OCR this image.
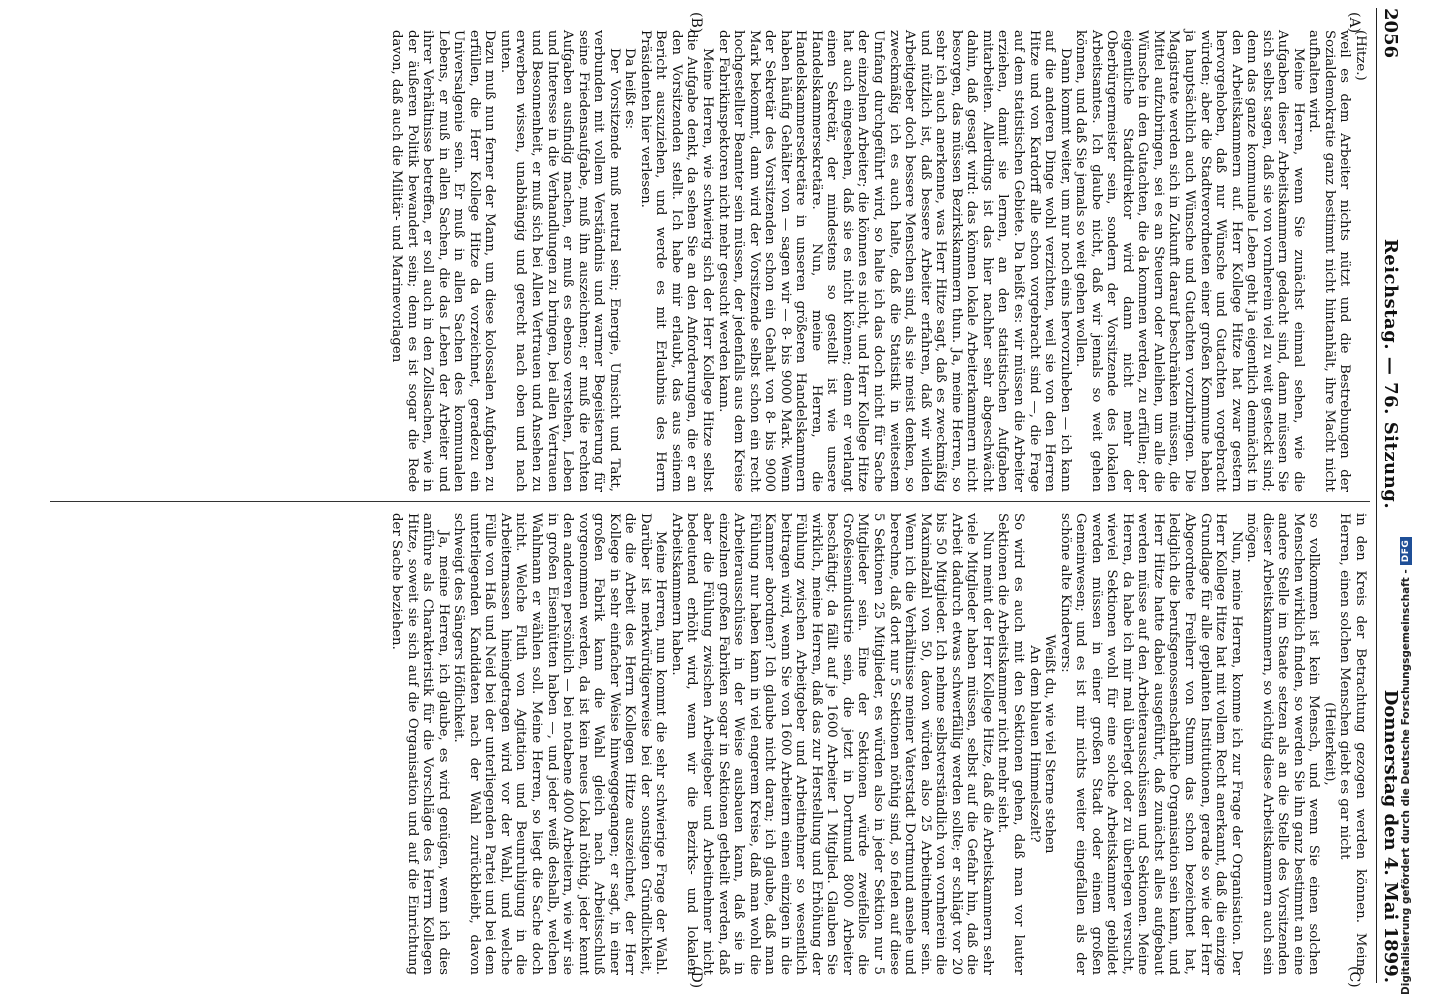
2056
Reichstag. — 76. Sitzung.
Donnerstag den 4. Mai 1899.
(A)
(B)
(C)
(D)

(Hitze.)

weil es dem Arbeiter nichts nützt und die Bestrebungen der Sozialdemokratie ganz bestimmt nicht hintanhält, ihre Macht nicht aufhalten wird.

Meine Herren, wenn Sie zunächst einmal sehen, wie die Aufgaben dieser Arbeitskammern gedacht sind, dann müssen Sie sich selbst sagen, daß sie von vornherein viel zu weit gesteckt sind; denn das ganze kommunale Leben geht ja eigentlich demnächst in den Arbeitskammern auf. Herr Kollege Hitze hat zwar gestern hervorgehoben, daß nur Wünsche und Gutachten vorgebracht würden; aber die Stadtverordneten einer großen Kommune haben ja hauptsächlich auch Wünsche und Gutachten vorzubringen. Die Magistrate werden sich in Zukunft darauf beschränken müssen, die Mittel aufzubringen, sei es an Steuern oder Anleihen, um alle die Wünsche in den Gutachten, die da kommen werden, zu erfüllen; der eigentliche Stadtdirektor wird dann nicht mehr der Oberbürgermeister sein, sondern der Vorsitzende des lokalen Arbeitsamtes. Ich glaube nicht, daß wir jemals so weit gehen können, und daß Sie jemals so weit gehen wollen.

Dann kommt weiter, um nur noch eins hervorzuheben — ich kann auf die anderen Dinge wohl verzichten, weil sie von den Herren Hitze und von Kardorff alle schon vorgebracht sind —, die Frage auf dem statistischen Gebiete. Da heißt es: wir müssen die Arbeiter erziehen, damit sie lernen, an den statistischen Aufgaben mitarbeiten. Allerdings ist das hier nachher sehr abgeschwächt dahin, daß gesagt wird: das können lokale Arbeiterkammern nicht besorgen, das müssen Bezirkskammern thun. Ja, meine Herren, so sehr ich auch anerkenne, was Herr Hitze sagt, daß es zweckmäßig und nützlich ist, daß bessere Arbeiter erfahren, daß wir wilden Arbeitgeber doch bessere Menschen sind, als sie meist denken, so zweckmäßig ich es auch halte, daß die Statistik in weitestem Umfang durchgeführt wird, so halte ich das doch nicht für Sache der einzelnen Arbeiter; die können es nicht, und Herr Kollege Hitze hat auch eingesehen, daß sie es nicht können; denn er verlangt einen Sekretär, der mindestens so gestellt ist wie unsere Handelskammersekretäre. Nun, meine Herren, die Handelskammersekretäre in unseren größeren Handelskammern haben häufig Gehälter von — sagen wir — 8- bis 9000 Mark. Wenn der Sekretär des Vorsitzenden schon ein Gehalt von 8- bis 9000 Mark bekommt, dann wird der Vorsitzende selbst schon ein recht hochgestellter Beamter sein müssen, der jedenfalls aus dem Kreise der Fabrikinspektoren nicht mehr gesucht werden kann.

Meine Herren, wie schwierig sich der Herr Kollege Hitze selbst die Aufgabe denkt, da sehen Sie an den Anforderungen, die er an den Vorsitzenden stellt. Ich habe mir erlaubt, das aus seinem Bericht auszuziehen, und werde es mit Erlaubnis des Herrn Präsidenten hier verlesen.

Da heißt es:

Der Vorsitzende muß neutral sein; Energie, Umsicht und Takt, verbunden mit vollem Verständnis und warmer Begeisterung für seine Friedensaufgabe, muß ihn auszeichnen; er muß die rechten Aufgaben ausfindig machen, er muß es ebenso verstehen, Leben und Interesse in die Verhandlungen zu bringen, bei allen Vertrauen und Besonnenheit, er muß sich bei Allen Vertrauen und Ansehen zu erwerben wissen, unabhängig und gerecht nach oben und nach unten.

Dazu muß nun ferner der Mann, um diese kolossalen Aufgaben zu erfüllen, die Herr Kollege Hitze da vorzeichnet, geradezu ein Universalgenie sein. Er muß in allen Sachen des kommunalen Lebens, er muß in allen Sachen, die das Leben der Arbeiter und ihrer Verhältnisse betreffen, er soll auch in den Zollsachen, wie in der äußeren Politik bewandert sein; denn es ist sogar die Rede davon, daß auch die Militär- und Marinevorlagen

in den Kreis der Betrachtung gezogen werden können. Meine Herren, einen solchen Menschen giebt es gar nicht

(Heiterkeit),

so vollkommen ist kein Mensch, und wenn Sie einen solchen Menschen wirklich finden, so werden Sie ihn ganz bestimmt an eine andere Stelle im Staate setzen als an die Stelle des Vorsitzenden dieser Arbeitskammern, so wichtig diese Arbeitskammern auch sein mögen.

Nun, meine Herren, komme ich zur Frage der Organisation. Der Herr Kollege Hitze hat mit vollem Recht anerkannt, daß die einzige Grundlage für alle geplanten Institutionen, gerade so wie der Herr Abgeordnete Freiherr von Stumm das schon bezeichnet hat, lediglich die berufsgenossenschaftliche Organisation sein kann, und Herr Hitze hatte dabei ausgeführt, daß zunächst alles aufgebaut werden müsse auf den Arbeiterausschüssen und Sektionen. Meine Herren, da habe ich mir mal überlegt oder zu überlegen versucht, wieviel Sektionen wohl für eine solche Arbeitskammer gebildet werden müssen in einer großen Stadt oder einem großen Gemeinwesen; und es ist mir nichts weiter eingefallen als der schöne alte Kindervers:

Weißt du, wie viel Sterne stehen

An dem blauen Himmelszelt?

So wird es auch mit den Sektionen gehen, daß man vor lauter Sektionen die Arbeitskammer nicht mehr sieht.

Nun meint der Herr Kollege Hitze, daß die Arbeitskammern sehr viele Mitglieder haben müssen, selbst auf die Gefahr hin, daß die Arbeit dadurch etwas schwerfällig werden sollte; er schlägt vor 20 bis 50 Mitglieder. Ich nehme selbstverständlich von vornherein die Maximalzahl von 50, davon würden also 25 Arbeitnehmer sein. Wenn ich die Verhältnisse meiner Vaterstadt Dortmund ansehe und berechne, daß dort nur 5 Sektionen nöthig sind, so fielen auf diese 5 Sektionen 25 Mitglieder, es würden also in jeder Sektion nur 5 Mitglieder sein. Eine der Sektionen würde zweifellos die Großeisenindustrie sein, die jetzt in Dortmund 8000 Arbeiter beschäftigt; da fällt auf je 1600 Arbeiter 1 Mitglied. Glauben Sie wirklich, meine Herren, daß das zur Herstellung und Erhöhung der Fühlung zwischen Arbeitgeber und Arbeitnehmer so wesentlich beitragen wird, wenn Sie von 1600 Arbeitern einen einzigen in die Kammer abordnen? Ich glaube nicht daran; ich glaube, daß man Fühlung nur haben kann in viel engerem Kreise, daß man wohl die Arbeiterausschüsse in der Weise ausbauen kann, daß sie in einzelnen großen Fabriken sogar in Sektionen getheilt werden, daß aber die Fühlung zwischen Arbeitgeber und Arbeitnehmer nicht bedeutend erhöht wird, wenn wir die Bezirks- und lokalen Arbeitskammern haben.

Meine Herren, nun kommt die sehr schwierige Frage der Wahl. Darüber ist merkwürdigerweise bei der sonstigen Gründlichkeit, die die Arbeit des Herrn Kollegen Hitze auszeichnet, der Herr Kollege in sehr einfacher Weise hinweggegangen; er sagt, in einer großen Fabrik kann die Wahl gleich nach Arbeitsschluß vorgenommen werden, da ist kein neues Lokal nöthig, jeder kennt den anderen persönlich — bei notabene 4000 Arbeitern, wie wir sie in großen Eisenhütten haben —, und jeder weiß deshalb, welchen Wahlmann er wählen soll. Meine Herren, so liegt die Sache doch nicht. Welche Fluth von Agitation und Beunruhigung in die Arbeitermassen hineingetragen wird vor der Wahl, und welche Fülle von Haß und Neid bei der unterliegenden Partei und bei dem unterliegenden Kandidaten nach der Wahl zurückbleibt, davon schweigt des Sängers Höflichkeit.

Ja, meine Herren, ich glaube, es wird genügen, wenn ich dies anführe als Charakteristik für die Vorschläge des Herrn Kollegen Hitze, soweit sie sich auf die Organisation und auf die Einrichtung der Sache beziehen.	Digitalisierung gefördert durch die Deutsche Forschungsgemeinschaft -
DFG
